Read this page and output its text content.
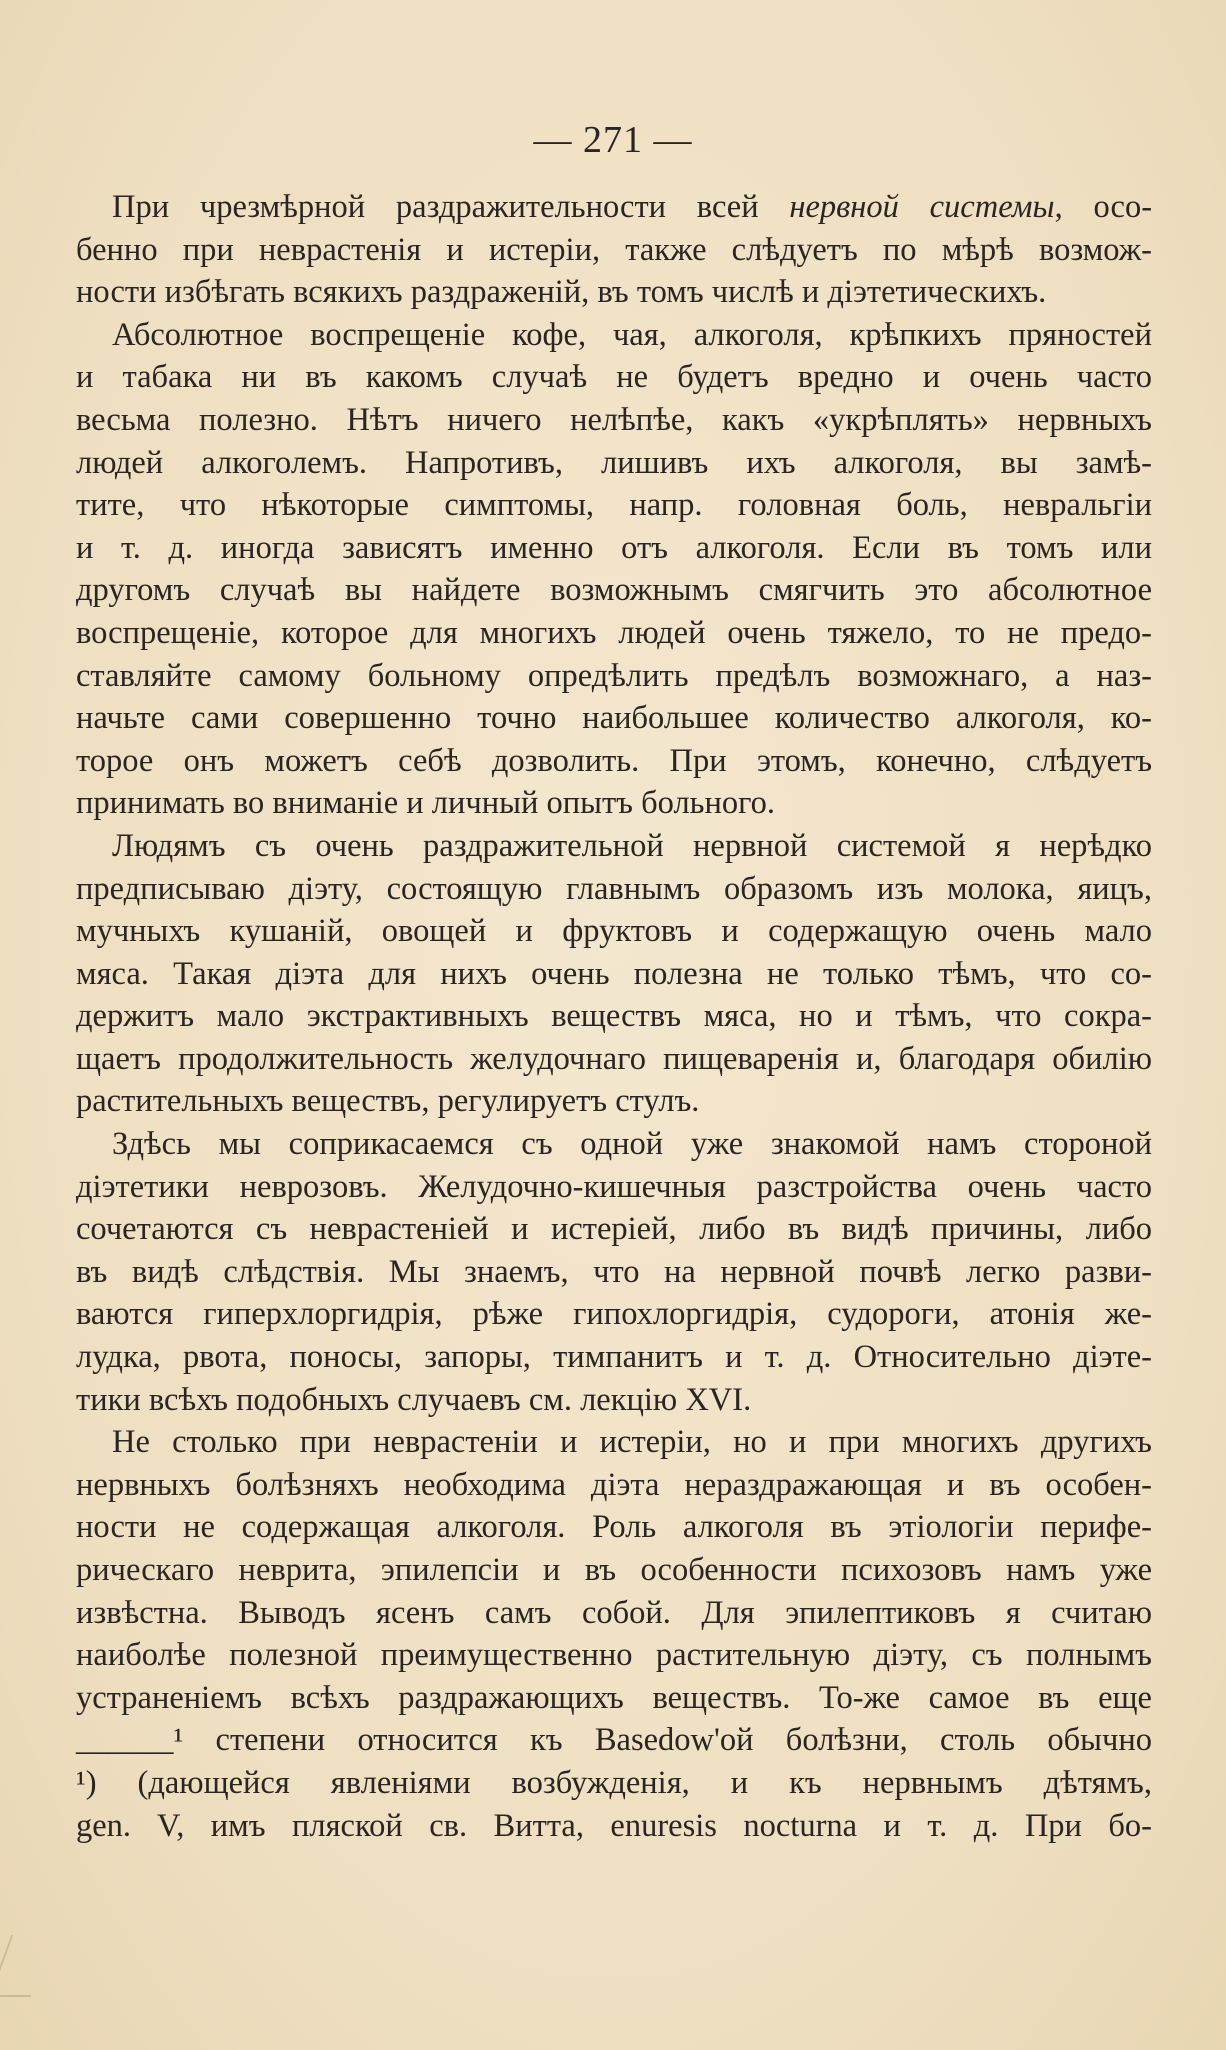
— 271 —
При чрезмѣрной раздражительности всей нервной системы, осо-
бенно при неврастенія и истеріи, также слѣдуетъ по мѣрѣ возмож-
ности избѣгать всякихъ раздраженій, въ томъ числѣ и діэтетическихъ.
Абсолютное воспрещеніе кофе, чая, алкоголя, крѣпкихъ пряностей
и табака ни въ какомъ случаѣ не будетъ вредно и очень часто
весьма полезно. Нѣтъ ничего нелѣпѣе, какъ «укрѣплять» нервныхъ
людей алкоголемъ. Напротивъ, лишивъ ихъ алкоголя, вы замѣ-
тите, что нѣкоторые симптомы, напр. головная боль, невральгіи
и т. д. иногда зависятъ именно отъ алкоголя. Если въ томъ или
другомъ случаѣ вы найдете возможнымъ смягчить это абсолютное
воспрещеніе, которое для многихъ людей очень тяжело, то не предо-
ставляйте самому больному опредѣлить предѣлъ возможнаго, а наз-
начьте сами совершенно точно наибольшее количество алкоголя, ко-
торое онъ можетъ себѣ дозволить. При этомъ, конечно, слѣдуетъ
принимать во вниманіе и личный опытъ больного.
Людямъ съ очень раздражительной нервной системой я нерѣдко
предписываю діэту, состоящую главнымъ образомъ изъ молока, яицъ,
мучныхъ кушаній, овощей и фруктовъ и содержащую очень мало
мяса. Такая діэта для нихъ очень полезна не только тѣмъ, что со-
держитъ мало экстрактивныхъ веществъ мяса, но и тѣмъ, что сокра-
щаетъ продолжительность желудочнаго пищеваренія и, благодаря обилію
растительныхъ веществъ, регулируетъ стулъ.
Здѣсь мы соприкасаемся съ одной уже знакомой намъ стороной
діэтетики неврозовъ. Желудочно-кишечныя разстройства очень часто
сочетаются съ неврастеніей и истеріей, либо въ видѣ причины, либо
въ видѣ слѣдствія. Мы знаемъ, что на нервной почвѣ легко разви-
ваются гиперхлоргидрія, рѣже гипохлоргидрія, судороги, атонія же-
лудка, рвота, поносы, запоры, тимпанитъ и т. д. Относительно діэте-
тики всѣхъ подобныхъ случаевъ см. лекцію XVI.
Не столько при неврастеніи и истеріи, но и при многихъ другихъ
нервныхъ болѣзняхъ необходима діэта нераздражающая и въ особен-
ности не содержащая алкоголя. Роль алкоголя въ этіологіи перифе-
рическаго неврита, эпилепсіи и въ особенности психозовъ намъ уже
извѣстна. Выводъ ясенъ самъ собой. Для эпилептиковъ я считаю
наиболѣе полезной преимущественно растительную діэту, съ полнымъ
устраненіемъ всѣхъ раздражающихъ веществъ. То-же самое въ еще
______¹ степени относится къ Basedow'ой болѣзни, столь обычно
¹) (дающейся явленіями возбужденія, и къ нервнымъ дѣтямъ,
gen. V, имъ пляской св. Витта, enuresis nocturna и т. д. При бо-
